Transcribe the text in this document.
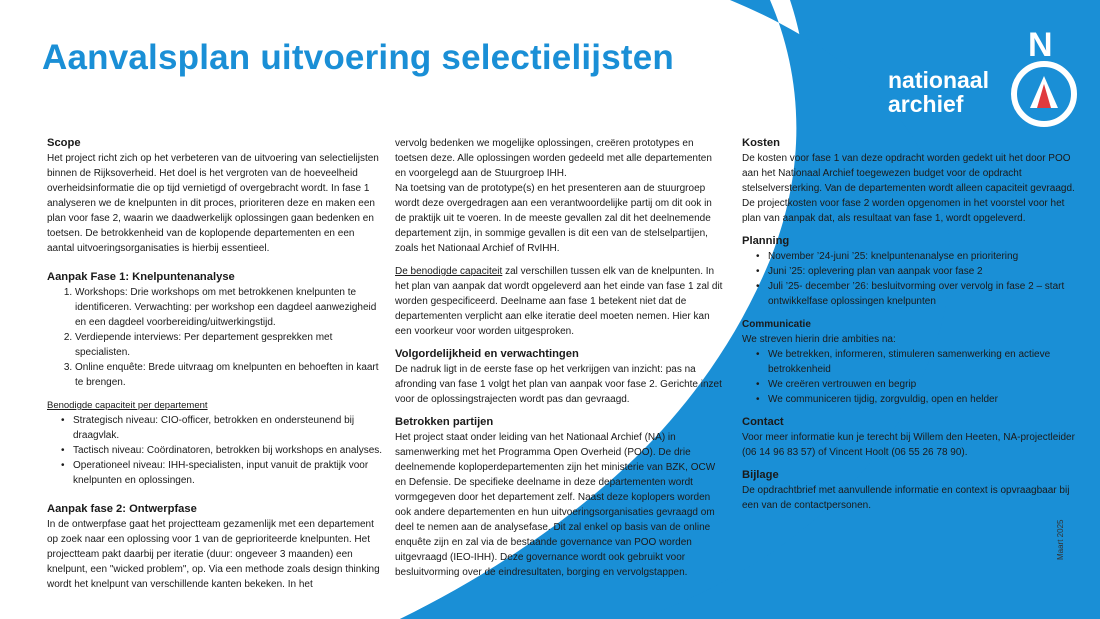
Aanvalsplan uitvoering selectielijsten	N
nationaal
archief
Scope

Het project richt zich op het verbeteren van de uitvoering van selectielijsten binnen de Rijksoverheid. Het doel is het vergroten van de hoeveelheid overheidsinformatie die op tijd vernietigd of overgebracht wordt. In fase 1 analyseren we de knelpunten in dit proces, prioriteren deze en maken een plan voor fase 2, waarin we daadwerkelijk oplossingen gaan bedenken en toetsen. De betrokkenheid van de koplopende departementen en een aantal uitvoeringsorganisaties is hierbij essentieel.

Aanpak Fase 1: Knelpuntenanalyse
1. Workshops: Drie workshops om met betrokkenen knelpunten te identificeren. Verwachting: per workshop een dagdeel aanwezigheid en een dagdeel voorbereiding/uitwerkingstijd.
2. Verdiepende interviews: Per departement gesprekken met specialisten.
3. Online enquête: Brede uitvraag om knelpunten en behoeften in kaart te brengen.

Benodigde capaciteit per departement

• Strategisch niveau: CIO-officer, betrokken en ondersteunend bij draagvlak.
• Tactisch niveau: Coördinatoren, betrokken bij workshops en analyses.
• Operationeel niveau: IHH-specialisten, input vanuit de praktijk voor knelpunten en oplossingen.
Aanpak fase 2: Ontwerpfase

In de ontwerpfase gaat het projectteam gezamenlijk met een departement op zoek naar een oplossing voor 1 van de geprioriteerde knelpunten. Het projectteam pakt daarbij per iteratie (duur: ongeveer 3 maanden) een knelpunt, een "wicked problem", op. Via een methode zoals design thinking wordt het knelpunt van verschillende kanten bekeken. In het

vervolg bedenken we mogelijke oplossingen, creëren prototypes en toetsen deze. Alle oplossingen worden gedeeld met alle departementen en voorgelegd aan de Stuurgroep IHH.

Na toetsing van de prototype(s) en het presenteren aan de stuurgroep wordt deze overgedragen aan een verantwoordelijke partij om dit ook in de praktijk uit te voeren. In de meeste gevallen zal dit het deelnemende departement zijn, in sommige gevallen is dit een van de stelselpartijen, zoals het Nationaal Archief of RvIHH.

De benodigde capaciteit zal verschillen tussen elk van de knelpunten. In het plan van aanpak dat wordt opgeleverd aan het einde van fase 1 zal dit worden gespecificeerd. Deelname aan fase 1 betekent niet dat de departementen verplicht aan elke iteratie deel moeten nemen. Hier kan een voorkeur voor worden uitgesproken.

Volgordelijkheid en verwachtingen

De nadruk ligt in de eerste fase op het verkrijgen van inzicht: pas na afronding van fase 1 volgt het plan van aanpak voor fase 2. Gerichte inzet voor de oplossingstrajecten wordt pas dan gevraagd.

Betrokken partijen

Het project staat onder leiding van het Nationaal Archief (NA) in samenwerking met het Programma Open Overheid (POO). De drie deelnemende koploperdepartementen zijn het ministerie van BZK, OCW en Defensie. De specifieke deelname in deze departementen wordt vormgegeven door het departement zelf. Naast deze koplopers worden ook andere departementen en hun uitvoeringsorganisaties gevraagd om deel te nemen aan de analysefase. Dit zal enkel op basis van de online enquête zijn en zal via de bestaande governance van POO worden uitgevraagd (IEO-IHH). Deze governance wordt ook gebruikt voor besluitvorming over de eindresultaten, borging en vervolgstappen.

Kosten

De kosten voor fase 1 van deze opdracht worden gedekt uit het door POO aan het Nationaal Archief toegewezen budget voor de opdracht stelselversterking. Van de departementen wordt alleen capaciteit gevraagd. De projectkosten voor fase 2 worden opgenomen in het voorstel voor het plan van aanpak dat, als resultaat van fase 1, wordt opgeleverd.

Planning
• November ’24-juni ’25: knelpuntenanalyse en prioritering
• Juni ’25: oplevering plan van aanpak voor fase 2
• Juli ’25- december ’26: besluitvorming over vervolg in fase 2 – start ontwikkelfase oplossingen knelpunten
Communicatie

We streven hierin drie ambities na:

• We betrekken, informeren, stimuleren samenwerking en actieve betrokkenheid
• We creëren vertrouwen en begrip
• We communiceren tijdig, zorgvuldig, open en helder
Contact

Voor meer informatie kun je terecht bij Willem den Heeten, NA-projectleider (06 14 96 83 57) of Vincent Hoolt (06 55 26 78 90).

Bijlage

De opdrachtbrief met aanvullende informatie en context is opvraagbaar bij een van de contactpersonen.

Maart 2025
